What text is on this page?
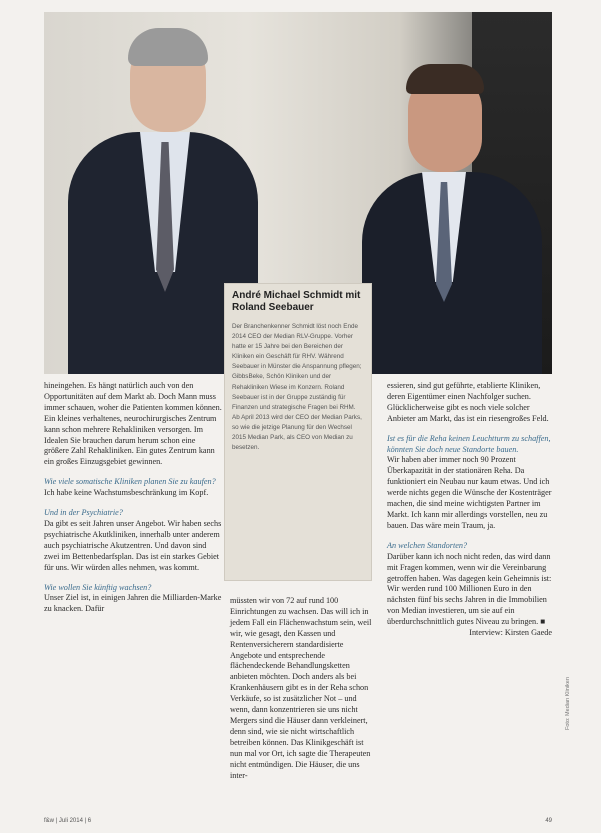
André Michael Schmidt mit Roland Seebauer

Der Branchenkenner Schmidt löst noch Ende 2014 CEO der Median RLV-Gruppe. Vorher hatte er 15 Jahre bei den Bereichen der Kliniken ein Geschäft für RHV. Während Seebauer in Münster die Anspannung pflegen; GibbsBeke, Schön Kliniken und der Rehakliniken Wiese im Konzern. Roland Seebauer ist in der Gruppe zuständig für Finanzen und strategische Fragen bei RHM. Ab April 2013 wird der CEO der Median Parks, so wie die jetzige Planung für den Wechsel 2015 Median Park, als CEO von Median zu besetzen.

hineingehen. Es hängt natürlich auch von den Opportunitäten auf dem Markt ab. Doch Mann muss immer schauen, woher die Patienten kommen können. Ein kleines verhaltenes, neurochirurgisches Zentrum kann schon mehrere Rehakliniken versorgen. Im Idealen Sie brauchen darum herum schon eine größere Zahl Rehakliniken. Ein gutes Zentrum kann ein großes Einzugsgebiet gewinnen.

Wie viele somatische Kliniken planen Sie zu kaufen?

Ich habe keine Wachstumsbeschränkung im Kopf.

Und in der Psychiatrie?

Da gibt es seit Jahren unser Angebot. Wir haben sechs psychiatrische Akutkliniken, innerhalb unter anderem auch psychiatrische Akutzentren. Und davon sind zwei im Bettenbedarfsplan. Das ist ein starkes Gebiet für uns. Wir würden alles nehmen, was kommt.

Wie wollen Sie künftig wachsen?

Unser Ziel ist, in einigen Jahren die Milliarden-Marke zu knacken. Dafür

müssten wir von 72 auf rund 100 Einrichtungen zu wachsen. Das will ich in jedem Fall ein Flächenwachstum sein, weil wir, wie gesagt, den Kassen und Rentenversicherern standardisierte Angebote und entsprechende flächendeckende Behandlungsketten anbieten möchten. Doch anders als bei Krankenhäusern gibt es in der Reha schon Verkäufe, so ist zusätzlicher Not – und wenn, dann konzentrieren sie uns nicht Mergers sind die Häuser dann verkleinert, denn sind, wie sie nicht wirtschaftlich betreiben können. Das Klinikgeschäft ist nun mal vor Ort, ich sagte die Therapeuten nicht entmündigen. Die Häuser, die uns inter-

essieren, sind gut geführte, etablierte Kliniken, deren Eigentümer einen Nachfolger suchen. Glücklicherweise gibt es noch viele solcher Anbieter am Markt, das ist ein riesengroßes Feld.

Ist es für die Reha keinen Leuchtturm zu schaffen, könnten Sie doch neue Standorte bauen.

Wir haben aber immer noch 90 Prozent Überkapazität in der stationären Reha. Da funktioniert ein Neubau nur kaum etwas. Und ich werde nichts gegen die Wünsche der Kostenträger machen, die sind meine wichtigsten Partner im Markt. Ich kann mir allerdings vorstellen, neu zu bauen. Das wäre mein Traum, ja.

An welchen Standorten?

Darüber kann ich noch nicht reden, das wird dann mit Fragen kommen, wenn wir die Vereinbarung getroffen haben. Was dagegen kein Geheimnis ist: Wir werden rund 100 Millionen Euro in den nächsten fünf bis sechs Jahren in die Immobilien von Median investieren, um sie auf ein überdurchschnittlich gutes Niveau zu bringen. ■

Interview: Kirsten Gaede

f&w | Juli 2014 | 6	49
Foto: Median Kliniken
